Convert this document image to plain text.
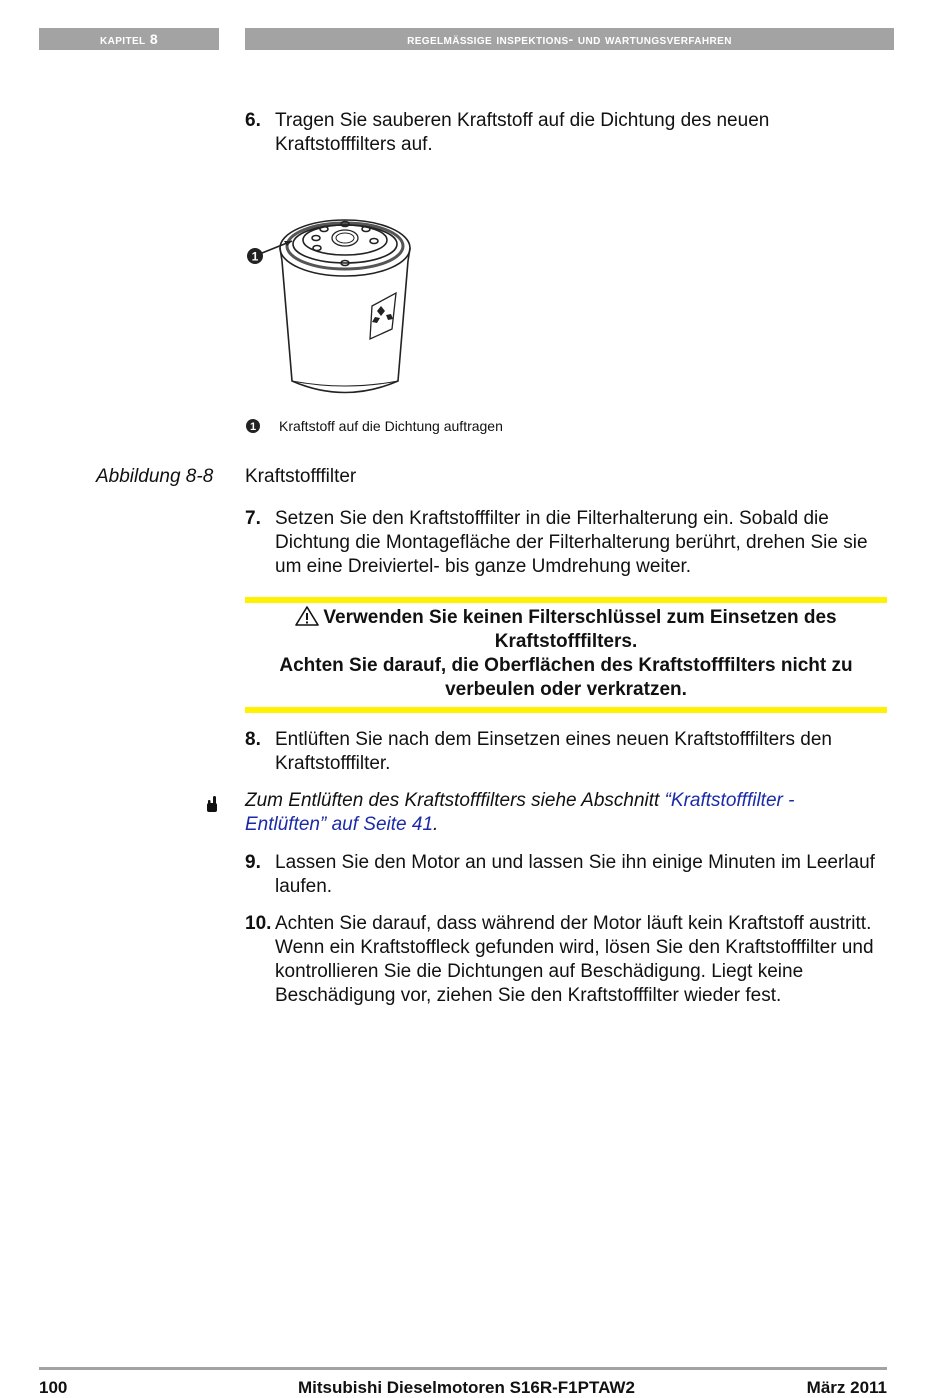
kapitel 8	regelmäßige inspektions- und wartungsverfahren
6. Tragen Sie sauberen Kraftstoff auf die Dichtung des neuen Kraftstofffilters auf.
1
1 Kraftstoff auf die Dichtung auftragen
Abbildung 8-8 Kraftstofffilter
7. Setzen Sie den Kraftstofffilter in die Filterhalterung ein. Sobald die Dichtung die Montagefläche der Filterhalterung berührt, drehen Sie sie um eine Dreiviertel- bis ganze Umdrehung weiter.
Verwenden Sie keinen Filterschlüssel zum Einsetzen des Kraftstofffilters.
Achten Sie darauf, die Oberflächen des Kraftstofffilters nicht zu verbeulen oder verkratzen.
8. Entlüften Sie nach dem Einsetzen eines neuen Kraftstofffilters den Kraftstofffilter.
Zum Entlüften des Kraftstofffilters siehe Abschnitt “Kraftstofffilter - Entlüften” auf Seite 41.
9. Lassen Sie den Motor an und lassen Sie ihn einige Minuten im Leerlauf laufen.
10. Achten Sie darauf, dass während der Motor läuft kein Kraftstoff austritt. Wenn ein Kraftstoffleck gefunden wird, lösen Sie den Kraftstofffilter und kontrollieren Sie die Dichtungen auf Beschädigung. Liegt keine Beschädigung vor, ziehen Sie den Kraftstofffilter wieder fest.
100	Mitsubishi Dieselmotoren S16R-F1PTAW2	März 2011
